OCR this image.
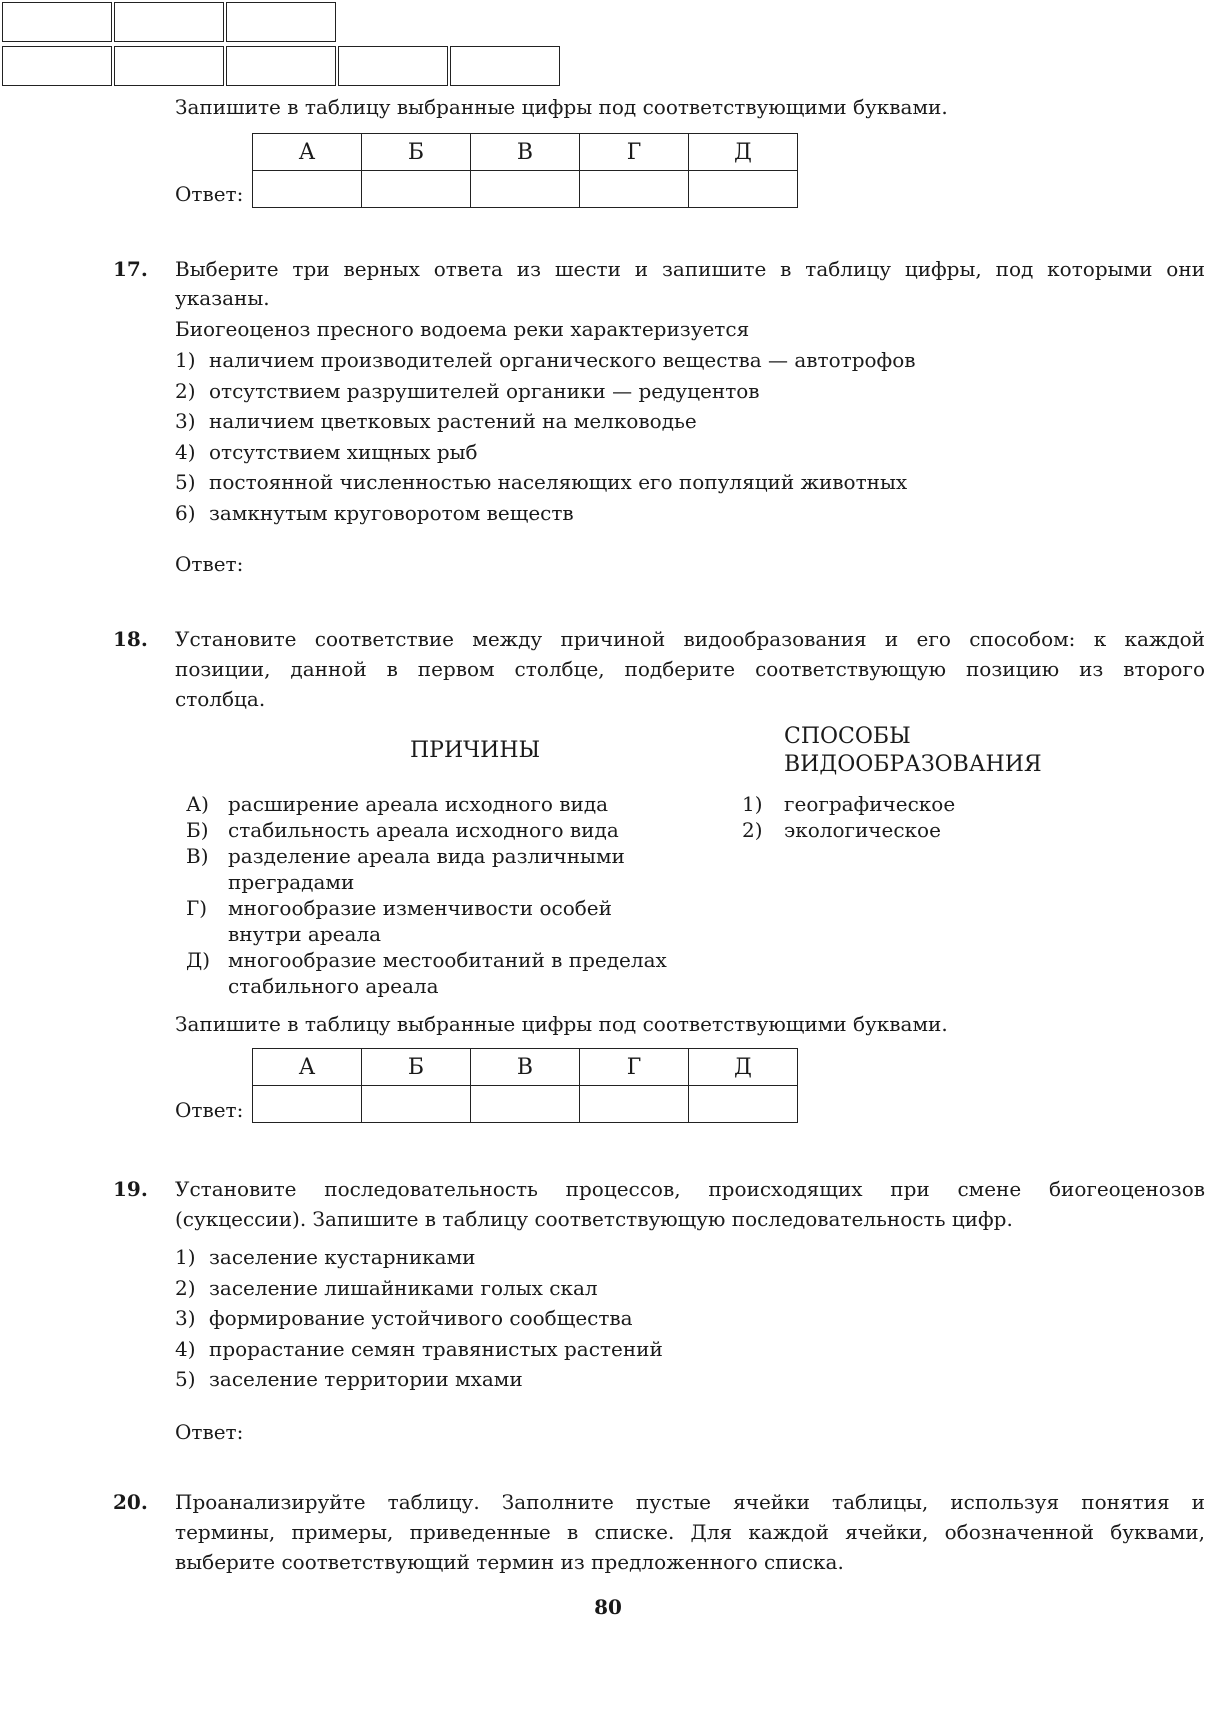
Запишите в таблицу выбранные цифры под соответствующими буквами.
Ответ:
А	Б	В	Г	Д

17. Выберите три верных ответа из шести и запишите в таблицу цифры, под которыми они
указаны.
Биогеоценоз пресного водоема реки характеризуется
1) наличием производителей органического вещества — автотрофов
2) отсутствием разрушителей органики — редуцентов
3) наличием цветковых растений на мелководье
4) отсутствием хищных рыб
5) постоянной численностью населяющих его популяций животных
6) замкнутым круговоротом веществ
Ответ:

18. Установите соответствие между причиной видообразования и его способом: к каждой
позиции, данной в первом столбце, подберите соответствующую позицию из второго
столбца.
ПРИЧИНЫ
СПОСОБЫ
ВИДООБРАЗОВАНИЯ
А) расширение ареала исходного вида
Б) стабильность ареала исходного вида
В) разделение ареала вида различными
преградами
Г) многообразие изменчивости особей
внутри ареала
Д) многообразие местообитаний в пределах
стабильного ареала
1) географическое
2) экологическое
Запишите в таблицу выбранные цифры под соответствующими буквами.
Ответ:
А	Б	В	Г	Д

19. Установите последовательность процессов, происходящих при смене биогеоценозов
(сукцессии). Запишите в таблицу соответствующую последовательность цифр.
1) заселение кустарниками
2) заселение лишайниками голых скал
3) формирование устойчивого сообщества
4) прорастание семян травянистых растений
5) заселение территории мхами
Ответ:

20. Проанализируйте таблицу. Заполните пустые ячейки таблицы, используя понятия и
термины, примеры, приведенные в списке. Для каждой ячейки, обозначенной буквами,
выберите соответствующий термин из предложенного списка.
80
